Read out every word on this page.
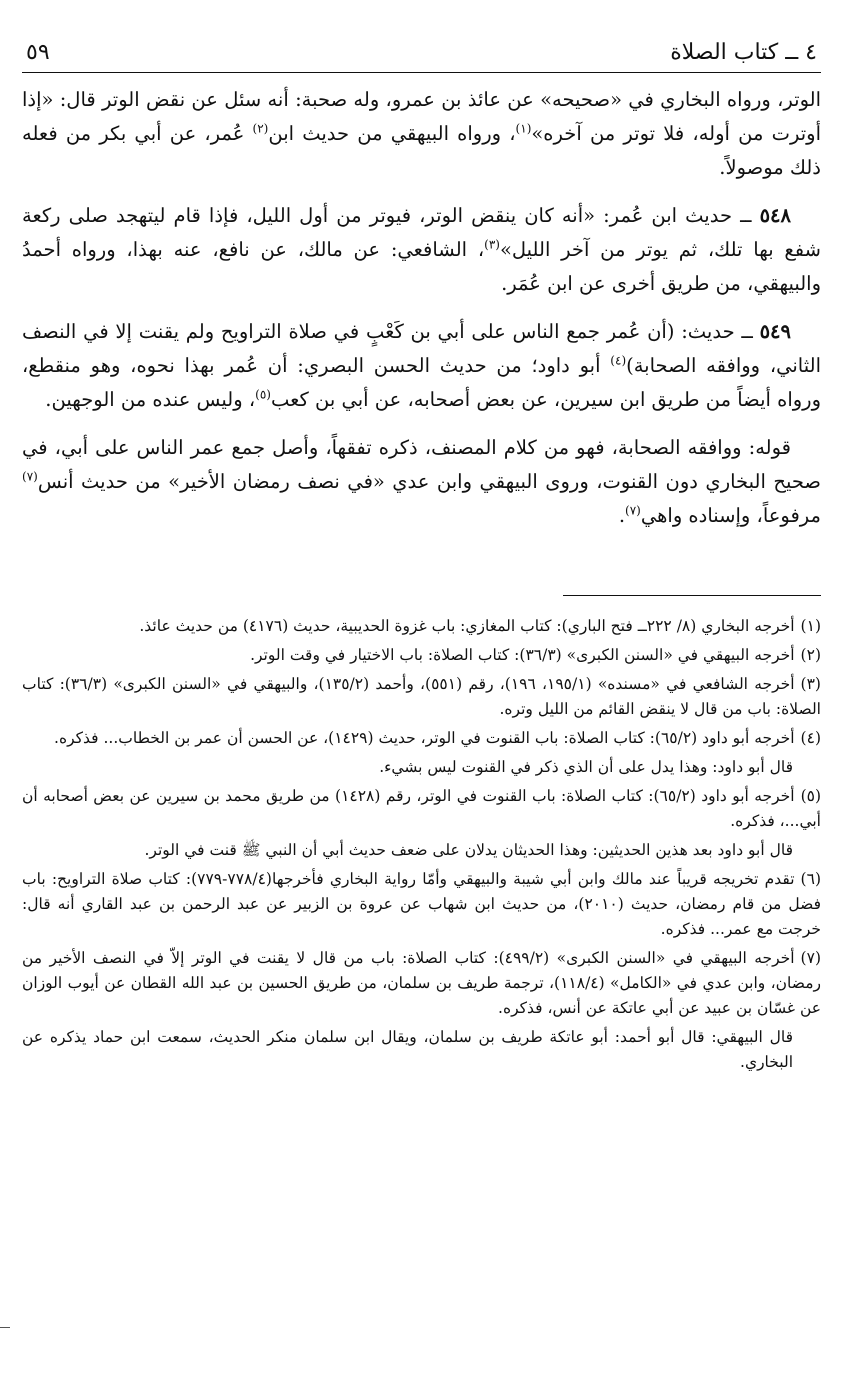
٤ ــ كتاب الصلاة
٥٩

الوتر، ورواه البخاري في «صحيحه» عن عائذ بن عمرو، وله صحبة: أنه سئل عن نقض الوتر قال: «إذا أوترت من أوله، فلا توتر من آخره»$^{(١)}$، ورواه البيهقي من حديث ابن$^{(٢)}$ عُمر، عن أبي بكر من فعله ذلك موصولاً.

٥٤٨ ــ حديث ابن عُمر: «أنه كان ينقض الوتر، فيوتر من أول الليل، فإذا قام ليتهجد صلى ركعة شفع بها تلك، ثم يوتر من آخر الليل»$^{(٣)}$، الشافعي: عن مالك، عن نافع، عنه بهذا، ورواه أحمدُ والبيهقي، من طريق أخرى عن ابن عُمَر.

٥٤٩ ــ حديث: (أن عُمر جمع الناس على أبي بن كَعْبٍ في صلاة التراويح ولم يقنت إلا في النصف الثاني، ووافقه الصحابة)$^{(٤)}$ أبو داود؛ من حديث الحسن البصري: أن عُمر بهذا نحوه، وهو منقطع، ورواه أيضاً من طريق ابن سيرين، عن بعض أصحابه، عن أبي بن كعب$^{(٥)}$، وليس عنده من الوجهين.

قوله: ووافقه الصحابة، فهو من كلام المصنف، ذكره تفقهاً، وأصل جمع عمر الناس على أبي، في صحيح البخاري دون القنوت، وروى البيهقي وابن عدي «في نصف رمضان الأخير» من حديث أنس$^{(٧)}$ مرفوعاً، وإسناده واهي$^{(٧)}$.

(١)أخرجه البخاري (٨/ ٢٢٢ــ فتح الباري): كتاب المغازي: باب غزوة الحديبية، حديث (٤١٧٦) من حديث عائذ.

(٢)أخرجه البيهقي في «السنن الكبرى» (٣٦/٣): كتاب الصلاة: باب الاختيار في وقت الوتر.

(٣)أخرجه الشافعي في «مسنده» (١٩٥/١، ١٩٦)، رقم (٥٥١)، وأحمد (١٣٥/٢)، والبيهقي في «السنن الكبرى» (٣٦/٣): كتاب الصلاة: باب من قال لا ينقض القائم من الليل وتره.

(٤)أخرجه أبو داود (٦٥/٢): كتاب الصلاة: باب القنوت في الوتر، حديث (١٤٢٩)، عن الحسن أن عمر بن الخطاب... فذكره.

قال أبو داود: وهذا يدل على أن الذي ذكر في القنوت ليس بشيء.

(٥)أخرجه أبو داود (٦٥/٢): كتاب الصلاة: باب القنوت في الوتر، رقم (١٤٢٨) من طريق محمد بن سيرين عن بعض أصحابه أن أبي...، فذكره.

قال أبو داود بعد هذين الحديثين: وهذا الحديثان يدلان على ضعف حديث أبي أن النبي ﷺ قنت في الوتر.

(٦)تقدم تخريجه قريباً عند مالك وابن أبي شيبة والبيهقي وأمّا رواية البخاري فأخرجها(٧٧٨/٤-٧٧٩): كتاب صلاة التراويح: باب فضل من قام رمضان، حديث (٢٠١٠)، من حديث ابن شهاب عن عروة بن الزبير عن عبد الرحمن بن عبد القاري أنه قال: خرجت مع عمر... فذكره.

(٧)أخرجه البيهقي في «السنن الكبرى» (٤٩٩/٢): كتاب الصلاة: باب من قال لا يقنت في الوتر إلاّ في النصف الأخير من رمضان، وابن عدي في «الكامل» (١١٨/٤)، ترجمة طريف بن سلمان، من طريق الحسين بن عبد الله القطان عن أيوب الوزان عن غسّان بن عبيد عن أبي عاتكة عن أنس، فذكره.

قال البيهقي: قال أبو أحمد: أبو عاتكة طريف بن سلمان، ويقال ابن سلمان منكر الحديث، سمعت ابن حماد يذكره عن البخاري.
